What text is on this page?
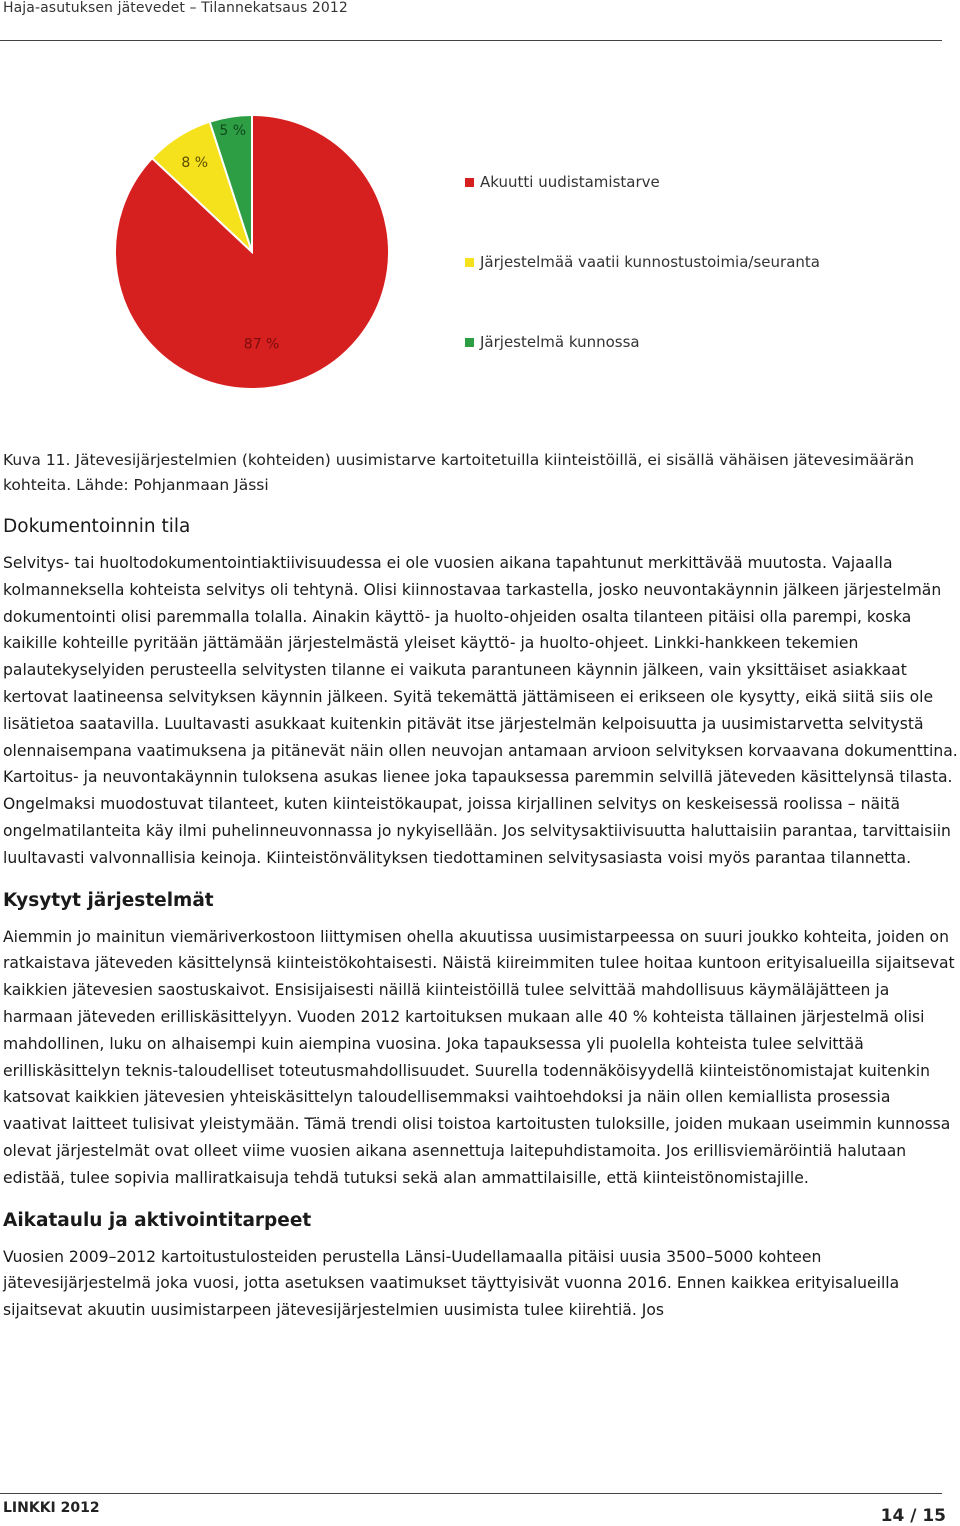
Haja-asutuksen jätevedet – Tilannekatsaus 2012
87 %
8 %
5 %
Akuutti uudistamistarve
Järjestelmää vaatii kunnostustoimia/seuranta
Järjestelmä kunnossa

Kuva 11. Jätevesijärjestelmien (kohteiden) uusimistarve kartoitetuilla kiinteistöillä, ei sisällä vähäisen jätevesimäärän
kohteita. Lähde: Pohjanmaan Jässi

Dokumentoinnin tila

Selvitys- tai huoltodokumentointiaktiivisuudessa ei ole vuosien aikana tapahtunut merkittävää muutosta. Vajaalla kolmanneksella kohteista selvitys oli tehtynä. Olisi kiinnostavaa tarkastella, josko neuvontakäynnin jälkeen järjestelmän dokumentointi olisi paremmalla tolalla. Ainakin käyttö- ja huolto-ohjeiden osalta tilanteen pitäisi olla parempi, koska kaikille kohteille pyritään jättämään järjestelmästä yleiset käyttö- ja huolto-ohjeet. Linkki-hankkeen tekemien palautekyselyiden perusteella selvitysten tilanne ei vaikuta parantuneen käynnin jälkeen, vain yksittäiset asiakkaat kertovat laatineensa selvityksen käynnin jälkeen. Syitä tekemättä jättämiseen ei erikseen ole kysytty, eikä siitä siis ole lisätietoa saatavilla. Luultavasti asukkaat kuitenkin pitävät itse järjestelmän kelpoisuutta ja uusimistarvetta selvitystä olennaisempana vaatimuksena ja pitänevät näin ollen neuvojan antamaan arvioon selvityksen korvaavana dokumenttina. Kartoitus- ja neuvontakäynnin tuloksena asukas lienee joka tapauksessa paremmin selvillä jäteveden käsittelynsä tilasta. Ongelmaksi muodostuvat tilanteet, kuten kiinteistökaupat, joissa kirjallinen selvitys on keskeisessä roolissa – näitä ongelmatilanteita käy ilmi puhelinneuvonnassa jo nykyisellään. Jos selvitysaktiivisuutta haluttaisiin parantaa, tarvittaisiin luultavasti valvonnallisia keinoja. Kiinteistönvälityksen tiedottaminen selvitysasiasta voisi myös parantaa tilannetta.

Kysytyt järjestelmät

Aiemmin jo mainitun viemäriverkostoon liittymisen ohella akuutissa uusimistarpeessa on suuri joukko kohteita, joiden on ratkaistava jäteveden käsittelynsä kiinteistökohtaisesti. Näistä kiireimmiten tulee hoitaa kuntoon erityisalueilla sijaitsevat kaikkien jätevesien saostuskaivot. Ensisijaisesti näillä kiinteistöillä tulee selvittää mahdollisuus käymäläjätteen ja harmaan jäteveden erilliskäsittelyyn. Vuoden 2012 kartoituksen mukaan alle 40 % kohteista tällainen järjestelmä olisi mahdollinen, luku on alhaisempi kuin aiempina vuosina. Joka tapauksessa yli puolella kohteista tulee selvittää erilliskäsittelyn teknis-taloudelliset toteutusmahdollisuudet. Suurella todennäköisyydellä kiinteistönomistajat kuitenkin katsovat kaikkien jätevesien yhteiskäsittelyn taloudellisemmaksi vaihtoehdoksi ja näin ollen kemiallista prosessia vaativat laitteet tulisivat yleistymään. Tämä trendi olisi toistoa kartoitusten tuloksille, joiden mukaan useimmin kunnossa olevat järjestelmät ovat olleet viime vuosien aikana asennettuja laitepuhdistamoita. Jos erillisviemäröintiä halutaan edistää, tulee sopivia malliratkaisuja tehdä tutuksi sekä alan ammattilaisille, että kiinteistönomistajille.

Aikataulu ja aktivointitarpeet

Vuosien 2009–2012 kartoitustulosteiden perustella Länsi-Uudellamaalla pitäisi uusia 3500–5000 kohteen jätevesijärjestelmä joka vuosi, jotta asetuksen vaatimukset täyttyisivät vuonna 2016. Ennen kaikkea erityisalueilla sijaitsevat akuutin uusimistarpeen jätevesijärjestelmien uusimista tulee kiirehtiä. Jos

LINKKI 2012	14 / 15
